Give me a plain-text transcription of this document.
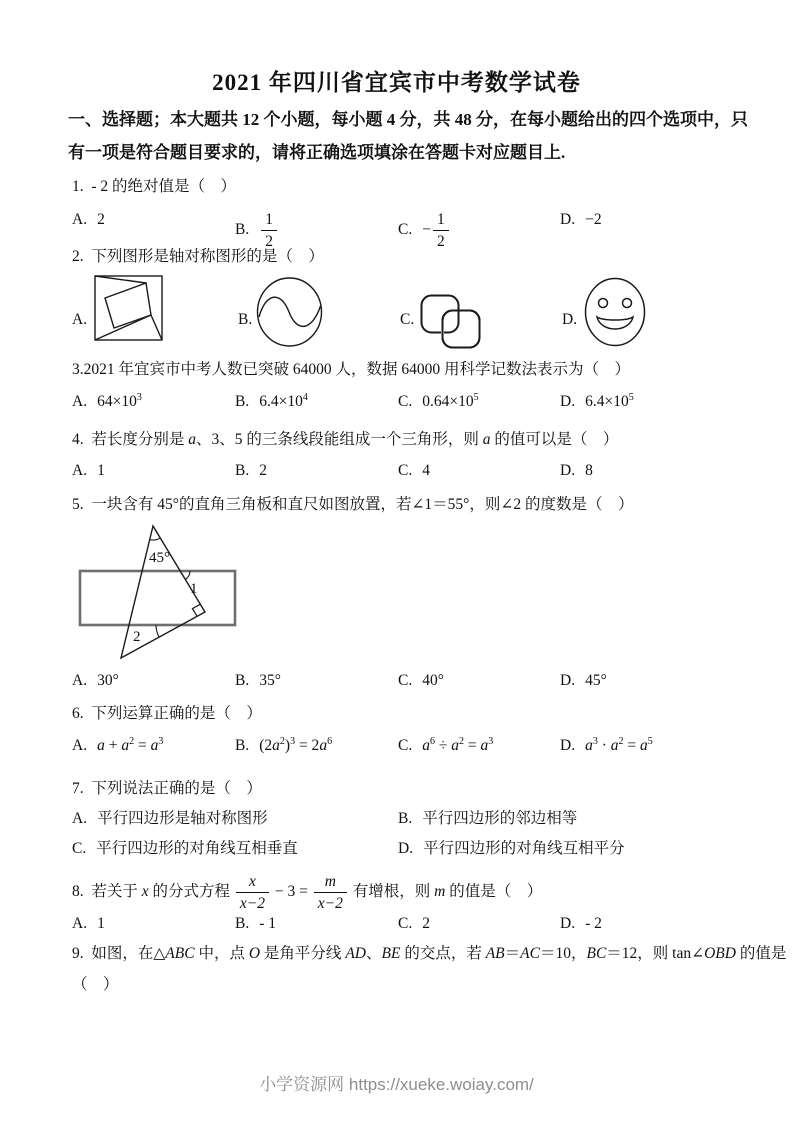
2021 年四川省宜宾市中考数学试卷
一、选择题；本大题共 12 个小题，每小题 4 分，共 48 分，在每小题给出的四个选项中，只
有一项是符合题目要求的，请将正确选项填涂在答题卡对应题目上.
1.  - 2 的绝对值是（　）
A. 2
B. $\frac{1}{2}$	C. − $\frac{1}{2}$	D. −2
2.  下列图形是轴对称图形的是（　）
A.	B.	C.	D.
3.2021 年宜宾市中考人数已突破 64000 人，数据 64000 用科学记数法表示为（　）
A. $64\times 10^3$	B. $6.4\times 10^4$	C. $0.64\times 10^5$	D. $6.4\times 10^5$
4.  若长度分别是 a、3、5 的三条线段能组成一个三角形，则 a 的值可以是（　）
A. 1	B. 2	C. 4	D. 8
5.  一块含有 45°的直角三角板和直尺如图放置，若∠1＝55°，则∠2 的度数是（　）
45°
1
2
A. 30°	B. 35°	C. 40°	D. 45°
6.  下列运算正确的是（　）
A. $a + a^2 = a^3$	B. $(2a^2)^3 = 2a^6$	C. $a^6 \div a^2 = a^3$	D. $a^3 \cdot a^2 = a^5$
7.  下列说法正确的是（　）
A. 平行四边形是轴对称图形	B. 平行四边形的邻边相等
C. 平行四边形的对角线互相垂直	D. 平行四边形的对角线互相平分
8.  若关于 x 的分式方程 $\frac{x}{x-2} - 3 = \frac{m}{x-2}$ 有增根，则 m 的值是（　）
A. 1	B. - 1	C. 2	D. - 2
9.  如图，在△ABC 中，点 O 是角平分线 AD、BE 的交点，若 AB＝AC＝10，BC＝12，则 tan∠OBD 的值是
（　）
小学资源网 https://xueke.woiay.com/
